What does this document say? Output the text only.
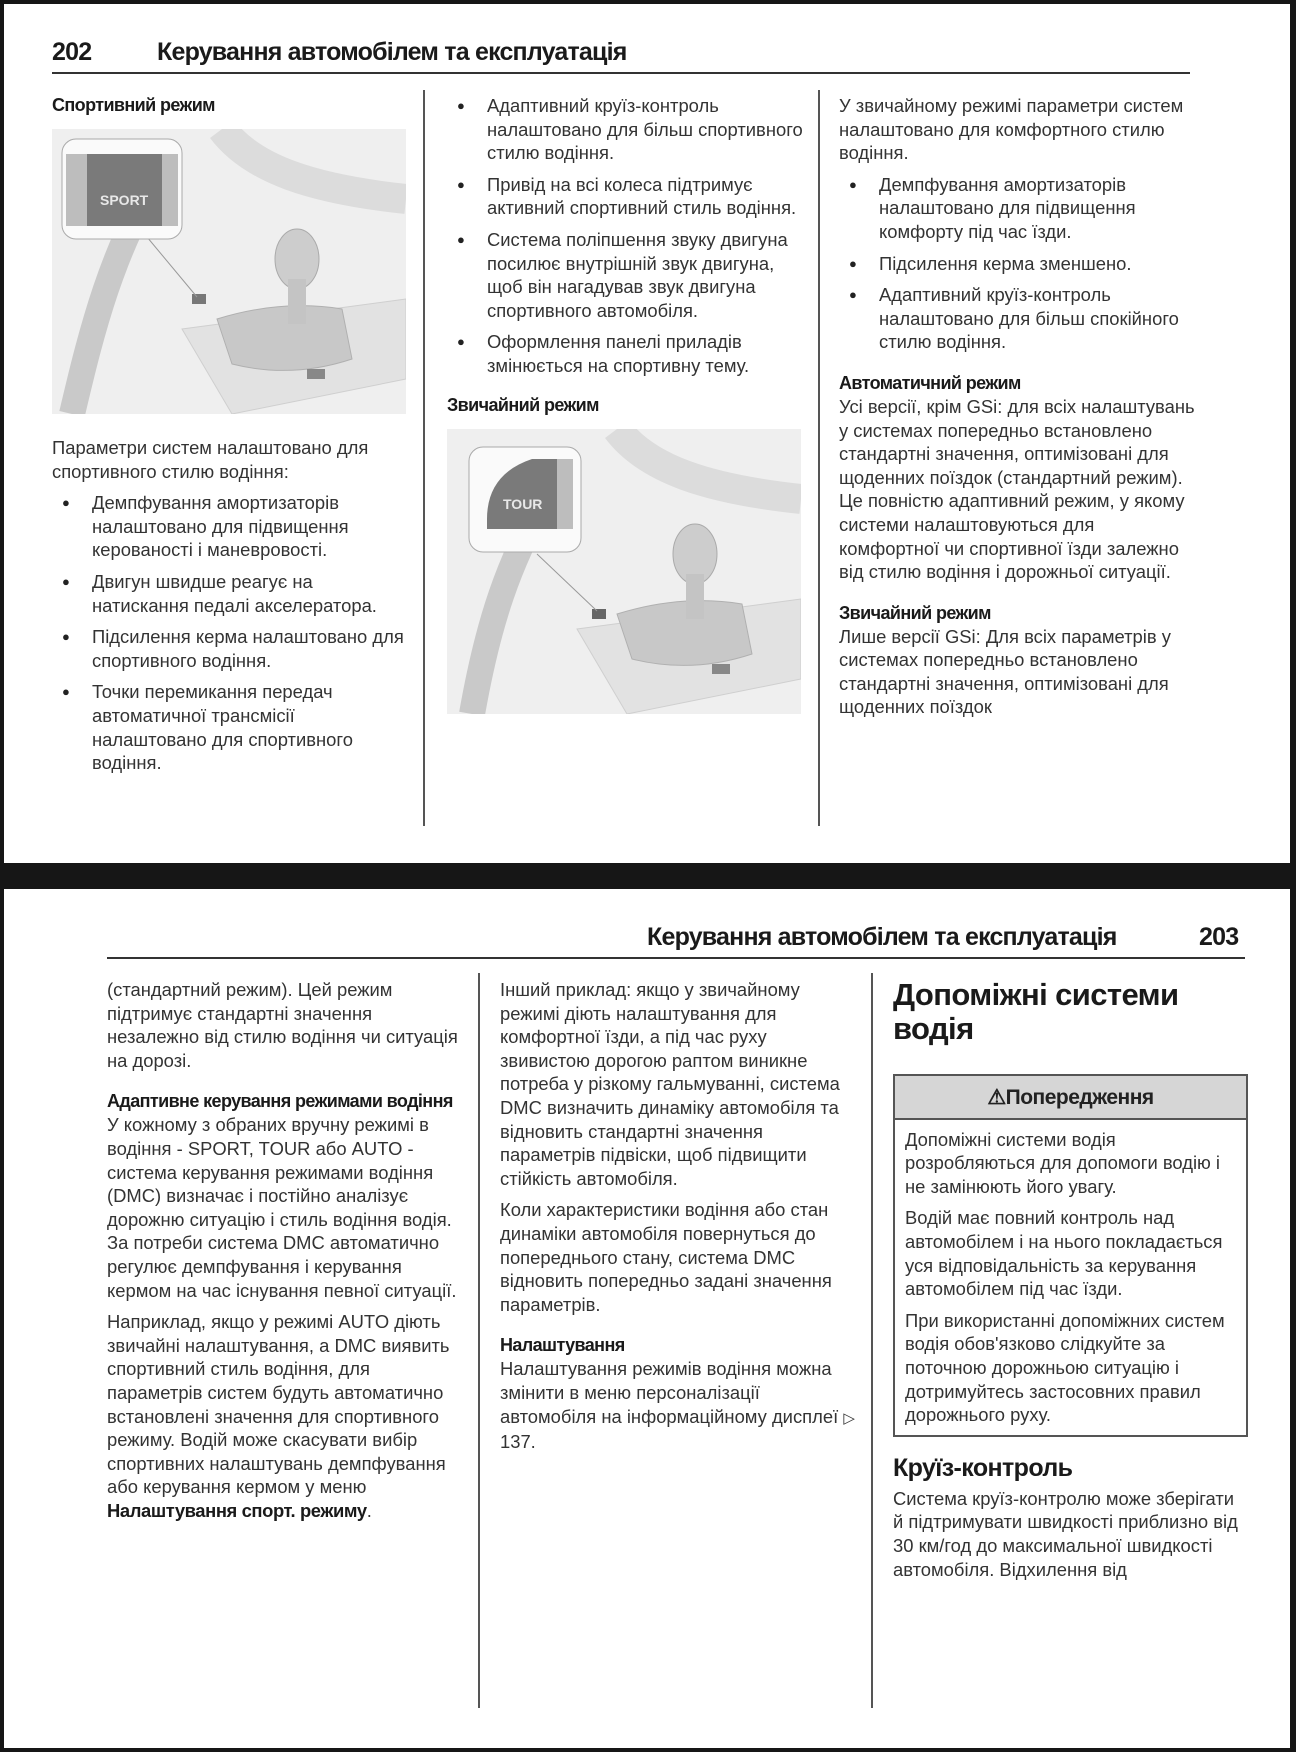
202	Керування автомобілем та експлуатація
Спортивний режим
SPORT

Параметри систем налаштовано для спортивного стилю водіння:

● Демпфування амортизаторів налаштовано для підвищення керованості і маневровості.
● Двигун швидше реагує на натискання педалі акселератора.
● Підсилення керма налаштовано для спортивного водіння.
● Точки перемикання передач автоматичної трансмісії налаштовано для спортивного водіння.
● Адаптивний круїз-контроль налаштовано для більш спортивного стилю водіння.
● Привід на всі колеса підтримує активний спортивний стиль водіння.
● Система поліпшення звуку двигуна посилює внутрішній звук двигуна, щоб він нагадував звук двигуна спортивного автомобіля.
● Оформлення панелі приладів змінюється на спортивну тему.
Звичайний режим
TOUR

У звичайному режимі параметри систем налаштовано для комфортного стилю водіння.

● Демпфування амортизаторів налаштовано для підвищення комфорту під час їзди.
● Підсилення керма зменшено.
● Адаптивний круїз-контроль налаштовано для більш спокійного стилю водіння.
Автоматичний режим

Усі версії, крім GSi: для всіх налаштувань у системах попередньо встановлено стандартні значення, оптимізовані для щоденних поїздок (стандартний режим). Це повністю адаптивний режим, у якому системи налаштовуються для комфортної чи спортивної їзди залежно від стилю водіння і дорожньої ситуації.

Звичайний режим

Лише версії GSi: Для всіх параметрів у системах попередньо встановлено стандартні значення, оптимізовані для щоденних поїздок

Керування автомобілем та експлуатація	203

(стандартний режим). Цей режим підтримує стандартні значення незалежно від стилю водіння чи ситуація на дорозі.

Адаптивне керування режимами водіння

У кожному з обраних вручну режимі в водіння - SPORT, TOUR або AUTO - система керування режимами водіння (DMC) визначає і постійно аналізує дорожню ситуацію і стиль водіння водія. За потреби система DMC автоматично регулює демпфування і керування кермом на час існування певної ситуації.

Наприклад, якщо у режимі AUTO діють звичайні налаштування, а DMC виявить спортивний стиль водіння, для параметрів систем будуть автоматично встановлені значення для спортивного режиму. Водій може скасувати вибір спортивних налаштувань демпфування або керування кермом у меню Налаштування спорт. режиму.

Інший приклад: якщо у звичайному режимі діють налаштування для комфортної їзди, а під час руху звивистою дорогою раптом виникне потреба у різкому гальмуванні, система DMC визначить динаміку автомобіля та відновить стандартні значення параметрів підвіски, щоб підвищити стійкість автомобіля.

Коли характеристики водіння або стан динаміки автомобіля повернуться до попереднього стану, система DMC відновить попередньо задані значення параметрів.

Налаштування

Налаштування режимів водіння можна змінити в меню персоналізації автомобіля на інформаційному дисплеї ▷ 137.

Допоміжні системи водія
⚠Попередження

Допоміжні системи водія розробляються для допомоги водію і не замінюють його увагу.

Водій має повний контроль над автомобілем і на нього покладається уся відповідальність за керування автомобілем під час їзди.

При використанні допоміжних систем водія обов'язково слідкуйте за поточною дорожньою ситуацію і дотримуйтесь застосовних правил дорожнього руху.

Круїз-контроль

Система круїз-контролю може зберігати й підтримувати швидкості приблизно від 30 км/год до максимальної швидкості автомобіля. Відхилення від
